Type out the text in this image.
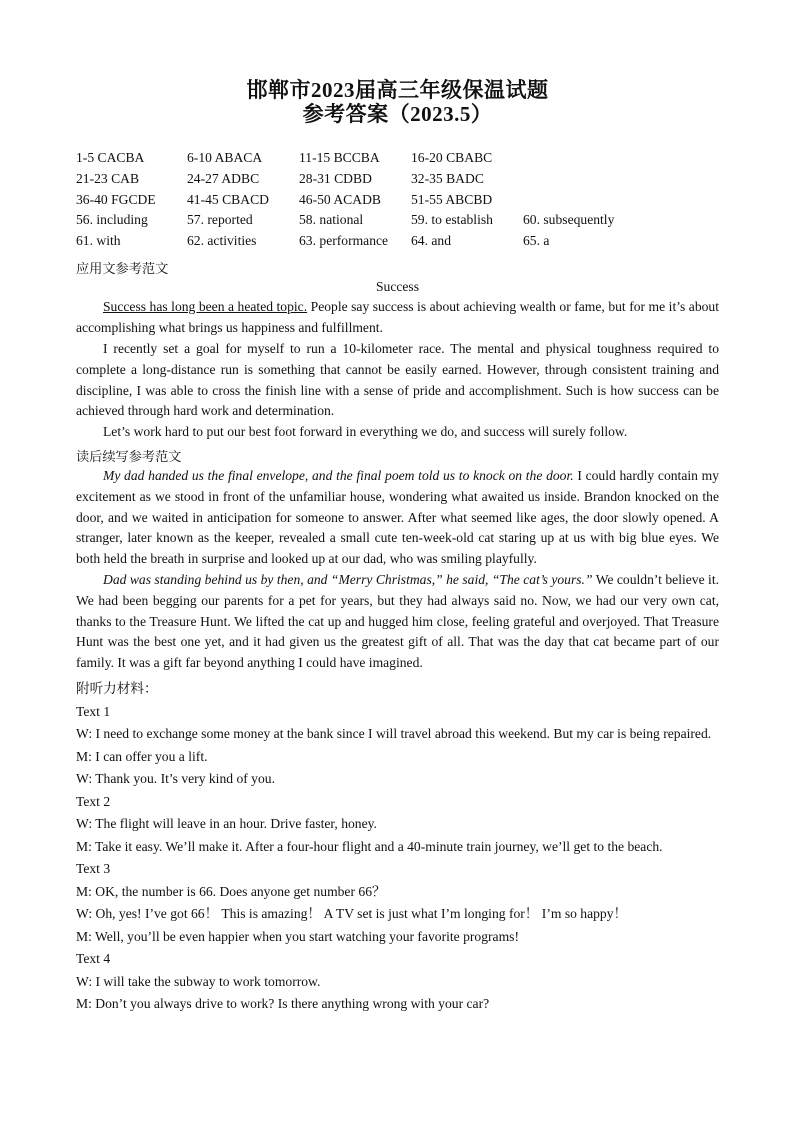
邯郸市2023届高三年级保温试题
参考答案（2023.5）
1-5 CACBA	6-10 ABACA	11-15 BCCBA 16-20 CBABC
21-23 CAB	24-27 ADBC	28-31 CDBD	32-35 BADC
36-40 FGCDE 41-45 CBACD 46-50 ACADB 51-55 ABCBD
56. including	57. reported	58. national	59. to establish 60. subsequently
61. with	62. activities	63. performance 64. and	65. a
应用文参考范文
Success

Success has long been a heated topic. People say success is about achieving wealth or fame, but for me it’s about accomplishing what brings us happiness and fulfillment.

I recently set a goal for myself to run a 10-kilometer race. The mental and physical toughness required to complete a long-distance run is something that cannot be easily earned. However, through consistent training and discipline, I was able to cross the finish line with a sense of pride and accomplishment. Such is how success can be achieved through hard work and determination.

Let’s work hard to put our best foot forward in everything we do, and success will surely follow.

读后续写参考范文

My dad handed us the final envelope, and the final poem told us to knock on the door. I could hardly contain my excitement as we stood in front of the unfamiliar house, wondering what awaited us inside. Brandon knocked on the door, and we waited in anticipation for someone to answer. After what seemed like ages, the door slowly opened. A stranger, later known as the keeper, revealed a small cute ten-week-old cat staring up at us with big blue eyes. We both held the breath in surprise and looked up at our dad, who was smiling playfully.

Dad was standing behind us by then, and “Merry Christmas,” he said, “The cat’s yours.” We couldn’t believe it. We had been begging our parents for a pet for years, but they had always said no. Now, we had our very own cat, thanks to the Treasure Hunt. We lifted the cat up and hugged him close, feeling grateful and overjoyed. That Treasure Hunt was the best one yet, and it had given us the greatest gift of all. That was the day that cat became part of our family. It was a gift far beyond anything I could have imagined.

附听力材料：
Text 1
W: I need to exchange some money at the bank since I will travel abroad this weekend. But my car is being repaired.
M: I can offer you a lift.
W: Thank you. It’s very kind of you.
Text 2
W: The flight will leave in an hour. Drive faster, honey.
M: Take it easy. We’ll make it. After a four-hour flight and a 40-minute train journey, we’ll get to the beach.
Text 3
M: OK, the number is 66. Does anyone get number 66？
W: Oh, yes! I’ve got 66！ This is amazing！ A TV set is just what I’m longing for！ I’m so happy！
M: Well, you’ll be even happier when you start watching your favorite programs!
Text 4
W: I will take the subway to work tomorrow.
M: Don’t you always drive to work? Is there anything wrong with your car?
